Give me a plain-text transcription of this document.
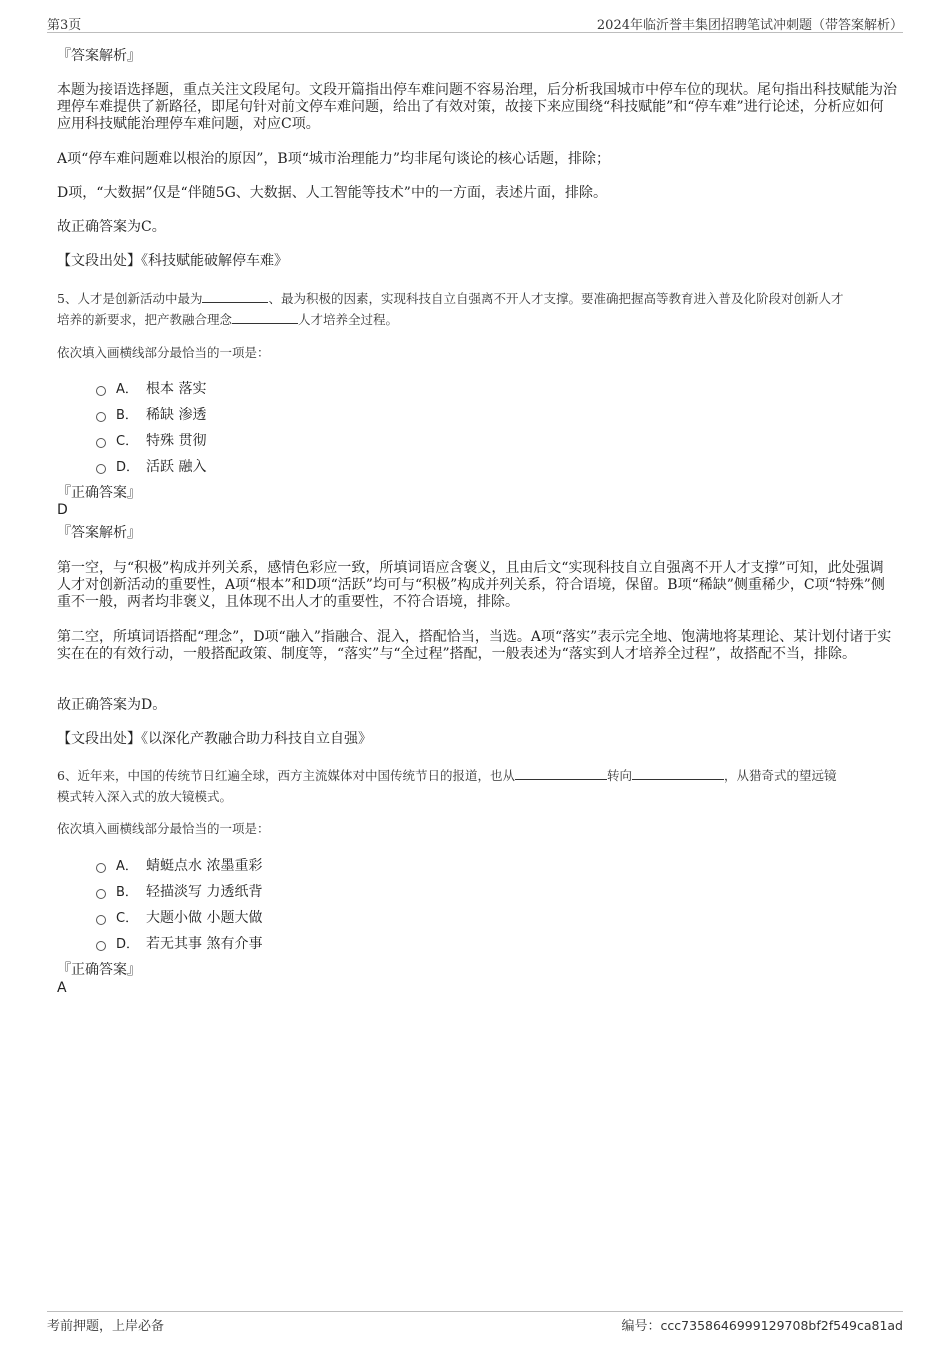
第3页	2024年临沂誉丰集团招聘笔试冲刺题（带答案解析）
『答案解析』
本题为接语选择题，重点关注文段尾句。文段开篇指出停车难问题不容易治理，后分析我国城市中停车位的现状。尾句指出科技赋能为治理停车难提供了新路径，即尾句针对前文停车难问题，给出了有效对策，故接下来应围绕“科技赋能”和“停车难”进行论述，分析应如何应用科技赋能治理停车难问题，对应C项。
A项“停车难问题难以根治的原因”，B项“城市治理能力”均非尾句谈论的核心话题，排除；
D项，“大数据”仅是“伴随5G、大数据、人工智能等技术”中的一方面，表述片面，排除。
故正确答案为C。
【文段出处】《科技赋能破解停车难》
5、人才是创新活动中最为	、最为积极的因素，实现科技自立自强离不开人才支撑。要准确把握高等教育进入普及化阶段对创新人才
培养的新要求，把产教融合理念	人才培养全过程。
依次填入画横线部分最恰当的一项是：
A． 根本 落实
B． 稀缺 渗透
C． 特殊 贯彻
D． 活跃 融入
『正确答案』
D
『答案解析』
第一空，与“积极”构成并列关系，感情色彩应一致，所填词语应含褒义，且由后文“实现科技自立自强离不开人才支撑”可知，此处强调人才对创新活动的重要性，A项“根本”和D项“活跃”均可与“积极”构成并列关系，符合语境，保留。B项“稀缺”侧重稀少，C项“特殊”侧重不一般，两者均非褒义，且体现不出人才的重要性，不符合语境，排除。
第二空，所填词语搭配“理念”，D项“融入”指融合、混入，搭配恰当，当选。A项“落实”表示完全地、饱满地将某理论、某计划付诸于实实在在的有效行动，一般搭配政策、制度等，“落实”与“全过程”搭配，一般表述为“落实到人才培养全过程”，故搭配不当，排除。
故正确答案为D。
【文段出处】《以深化产教融合助力科技自立自强》
6、近年来，中国的传统节日红遍全球，西方主流媒体对中国传统节日的报道，也从	转向	，从猎奇式的望远镜
模式转入深入式的放大镜模式。
依次填入画横线部分最恰当的一项是：
A． 蜻蜓点水 浓墨重彩
B． 轻描淡写 力透纸背
C． 大题小做 小题大做
D． 若无其事 煞有介事
『正确答案』
A
考前押题，上岸必备	编号：ccc7358646999129708bf2f549ca81ad
